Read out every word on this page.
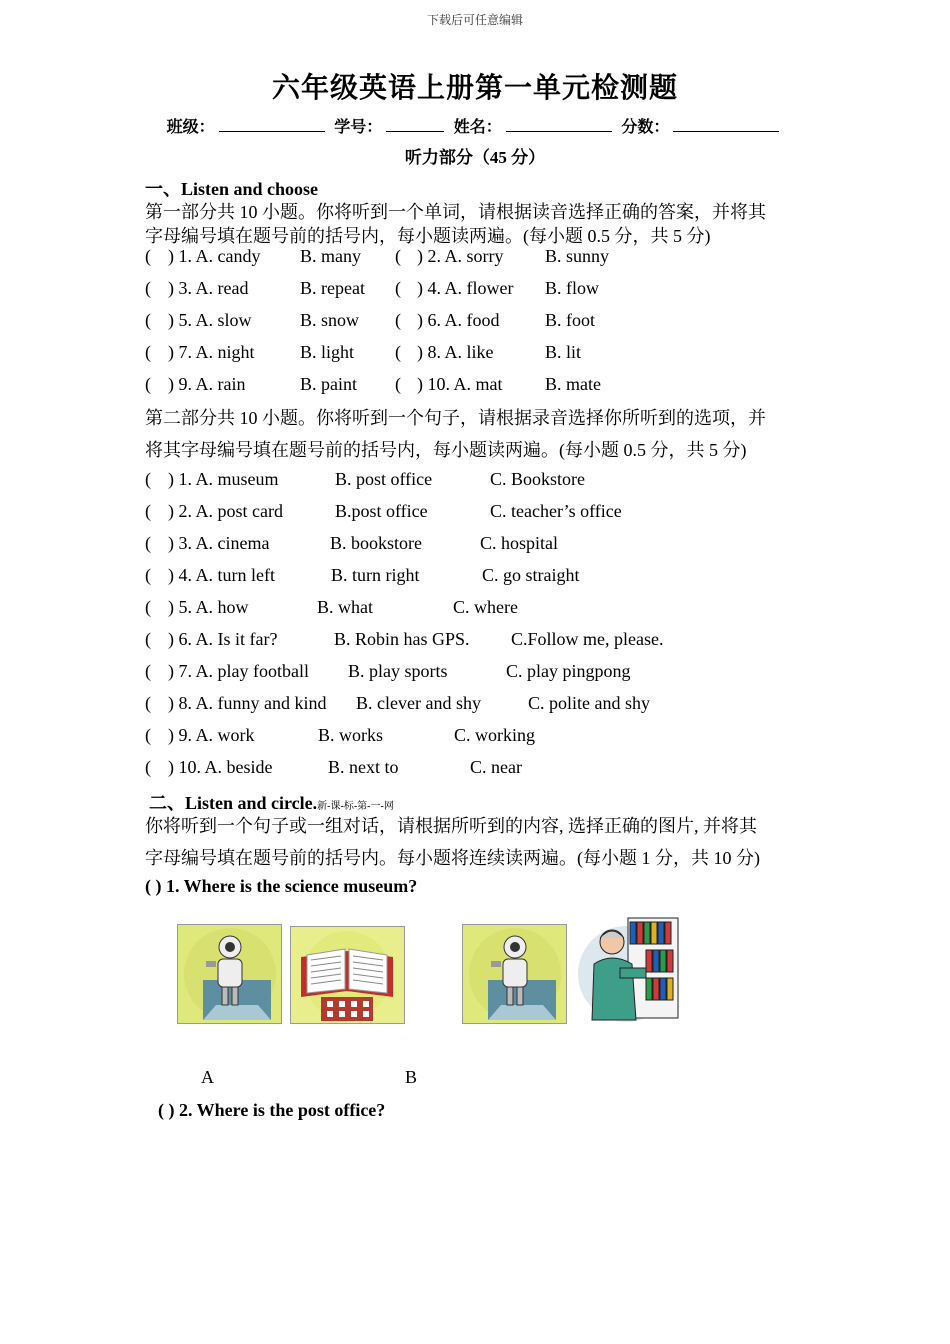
下载后可任意编辑
六年级英语上册第一单元检测题
班级：	学号：	姓名：	分数：
听力部分（45 分）
一、Listen and choose
第一部分共 10 小题。你将听到一个单词，请根据读音选择正确的答案，并将其
字母编号填在题号前的括号内，每小题读两遍。(每小题 0.5 分，共 5 分)
( ) 1. A. candy B. many ( ) 2. A. sorry B. sunny
( ) 3. A. read	B. repeat ( ) 4. A. flower B. flow
( ) 5. A. slow	B. snow ( ) 6. A. food	B. foot
( ) 7. A. night	B. light ( ) 8. A. like	B. lit
( ) 9. A. rain	B. paint ( ) 10. A. mat B. mate
第二部分共 10 小题。你将听到一个句子，请根据录音选择你所听到的选项，并
将其字母编号填在题号前的括号内，每小题读两遍。(每小题 0.5 分，共 5 分)
( ) 1. A. museum	B. post office	C. Bookstore
( ) 2. A. post card	B.post office	C. teacher’s office
( ) 3. A. cinema	B. bookstore	C. hospital
( ) 4. A. turn left	B. turn right	C. go straight
( ) 5. A. how	B. what	C. where
( ) 6. A. Is it far?	B. Robin has GPS. C.Follow me, please.
( ) 7. A. play football B. play sports	C. play pingpong
( ) 8. A. funny and kind B. clever and shy	C. polite and shy
( ) 9. A. work	B. works	C. working
( ) 10. A. beside	B. next to	C. near
二、Listen and circle.新-课-标-第-一-网
你将听到一个句子或一组对话，请根据所听到的内容, 选择正确的图片, 并将其
字母编号填在题号前的括号内。每小题将连续读两遍。(每小题 1 分，共 10 分)
( ) 1. Where is the science museum?
A	B
( ) 2. Where is the post office?
